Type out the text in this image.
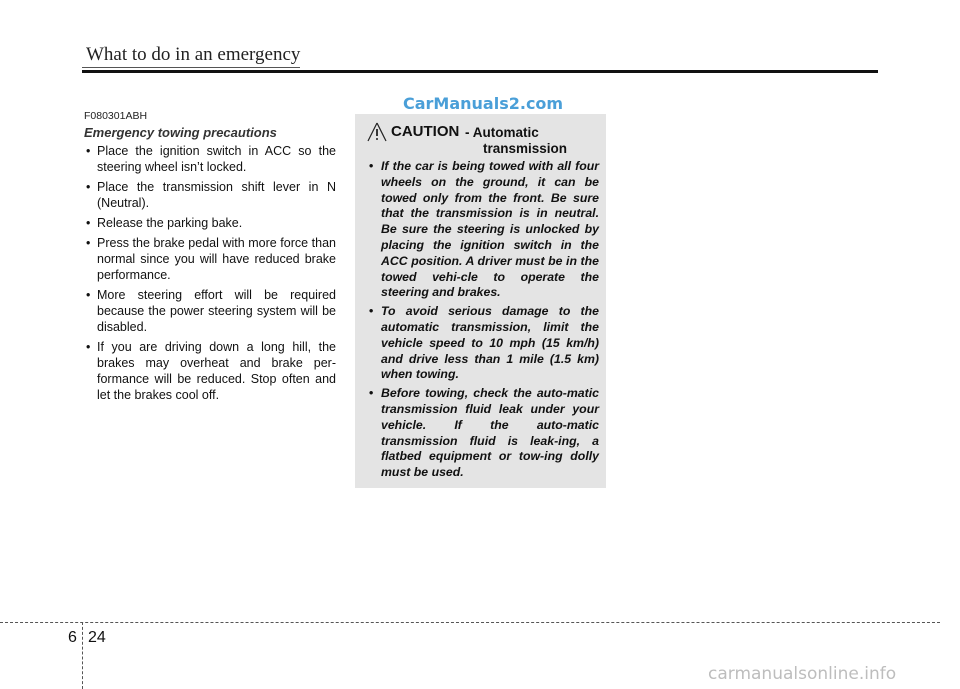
What to do in an emergency
CarManuals2.com
F080301ABH
Emergency towing precautions
• Place the ignition switch in ACC so the steering wheel isn’t locked.
• Place the transmission shift lever in N (Neutral).
• Release the parking bake.
• Press the brake pedal with more force than normal since you will have reduced brake performance.
• More steering effort will be required because the power steering system will be disabled.
• If you are driving down a long hill, the brakes may overheat and brake per-formance will be reduced. Stop often and let the brakes cool off.
CAUTION - Automatic
transmission
• If the car is being towed with all four wheels on the ground, it can be towed only from the front. Be sure that the transmission is in neutral. Be sure the steering is unlocked by placing the ignition switch in the ACC position. A driver must be in the towed vehi-cle to operate the steering and brakes.
• To avoid serious damage to the automatic transmission, limit the vehicle speed to 10 mph (15 km/h) and drive less than 1 mile (1.5 km) when towing.
• Before towing, check the auto-matic transmission fluid leak under your vehicle. If the auto-matic transmission fluid is leak-ing, a flatbed equipment or tow-ing dolly must be used.
6 24
carmanualsonline.info
